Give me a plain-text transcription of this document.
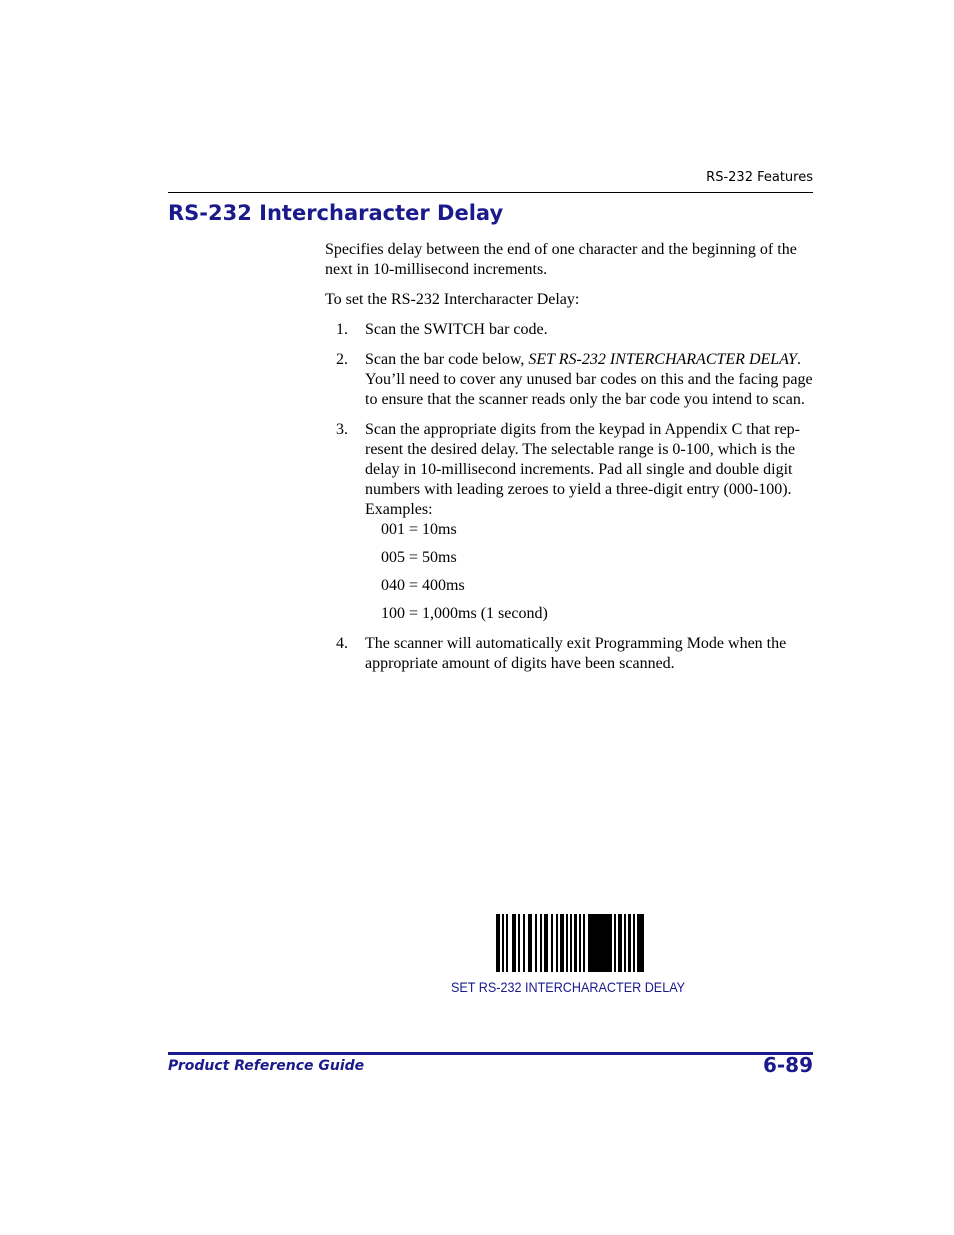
RS-232 Features
RS-232 Intercharacter Delay

Specifies delay between the end of one character and the beginning of the next in 10-millisecond increments.

To set the RS-232 Intercharacter Delay:

1. Scan the SWITCH bar code.
2. Scan the bar code below, SET RS-232 INTERCHARACTER DELAY. You’ll need to cover any unused bar codes on this and the facing page to ensure that the scanner reads only the bar code you intend to scan.
3. Scan the appropriate digits from the keypad in Appendix C that rep-resent the desired delay. The selectable range is 0-100, which is the delay in 10-millisecond increments. Pad all single and double digit numbers with leading zeroes to yield a three-digit entry (000-100). Examples:
001 = 10ms
005 = 50ms
040 = 400ms
100 = 1,000ms (1 second)
4. The scanner will automatically exit Programming Mode when the appropriate amount of digits have been scanned.
SET RS-232 INTERCHARACTER DELAY
Product Reference Guide	6-89
